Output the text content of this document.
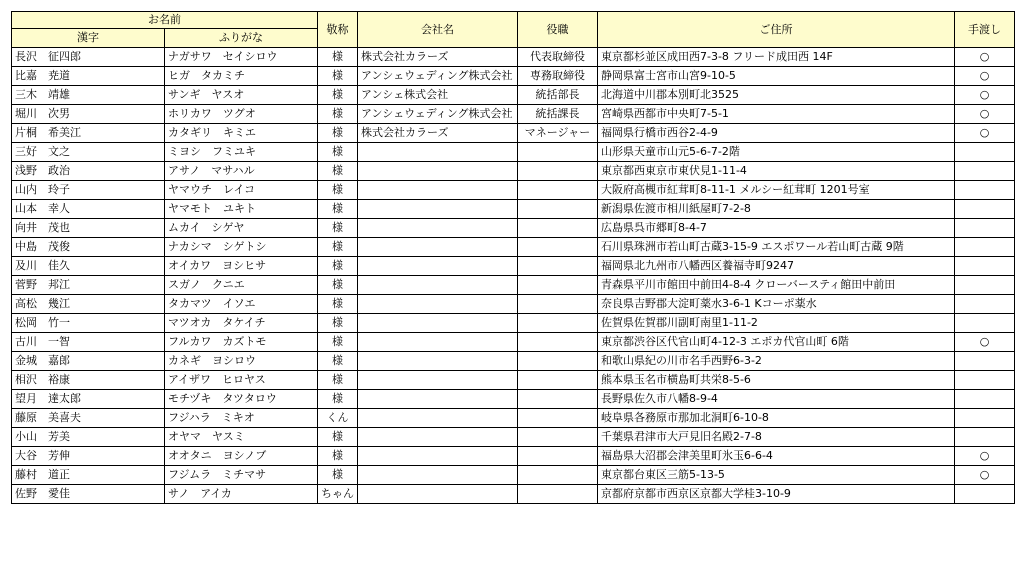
お名前		敬称	会社名	役職	ご住所	手渡し
漢字	ふりがな					
長沢　征四郎	ナガサワ　セイシロウ	様	株式会社カラーズ	代表取締役	東京都杉並区成田西7-3-8 フリード成田西 14F	○
比嘉　尭道	ヒガ　タカミチ	様	アンシェウェディング株式会社	専務取締役	静岡県富士宮市山宮9-10-5	○
三木　靖雄	サンギ　ヤスオ	様	アンシェ株式会社	統括部長	北海道中川郡本別町北3525	○
堀川　次男	ホリカワ　ツグオ	様	アンシェウェディング株式会社	統括課長	宮崎県西都市中央町7-5-1	○
片桐　希美江	カタギリ　キミエ	様	株式会社カラーズ	マネージャー	福岡県行橋市西谷2-4-9	○
三好　文之	ミヨシ　フミユキ	様			山形県天童市山元5-6-7-2階	
浅野　政治	アサノ　マサハル	様			東京都西東京市東伏見1-11-4	
山内　玲子	ヤマウチ　レイコ	様			大阪府高槻市紅茸町8-11-1 メルシー紅茸町 1201号室	
山本　幸人	ヤマモト　ユキト	様			新潟県佐渡市相川紙屋町7-2-8	
向井　茂也	ムカイ　シゲヤ	様			広島県呉市郷町8-4-7	
中島　茂俊	ナカシマ　シゲトシ	様			石川県珠洲市若山町古蔵3-15-9 エスポワール若山町古蔵 9階	
及川　佳久	オイカワ　ヨシヒサ	様			福岡県北九州市八幡西区養福寺町9247	
菅野　邦江	スガノ　クニエ	様			青森県平川市館田中前田4-8-4 クローバースティ館田中前田	
高松　幾江	タカマツ　イソエ	様			奈良県吉野郡大淀町薬水3-6-1 Kコーポ薬水	
松岡　竹一	マツオカ　タケイチ	様			佐賀県佐賀郡川副町南里1-11-2	
古川　一智	フルカワ　カズトモ	様			東京都渋谷区代官山町4-12-3 エポカ代官山町 6階	○
金城　嘉郎	カネギ　ヨシロウ	様			和歌山県紀の川市名手西野6-3-2	
相沢　裕康	アイザワ　ヒロヤス	様			熊本県玉名市横島町共栄8-5-6	
望月　達太郎	モチヅキ　タツタロウ	様			長野県佐久市八幡8-9-4	
藤原　美喜夫	フジハラ　ミキオ	くん			岐阜県各務原市那加北洞町6-10-8	
小山　芳美	オヤマ　ヤスミ	様			千葉県君津市大戸見旧名殿2-7-8	
大谷　芳伸	オオタニ　ヨシノブ	様			福島県大沼郡会津美里町氷玉6-6-4	○
藤村　道正	フジムラ　ミチマサ	様			東京都台東区三筋5-13-5	○
佐野　愛佳	サノ　アイカ	ちゃん			京都府京都市西京区京都大学桂3-10-9	
